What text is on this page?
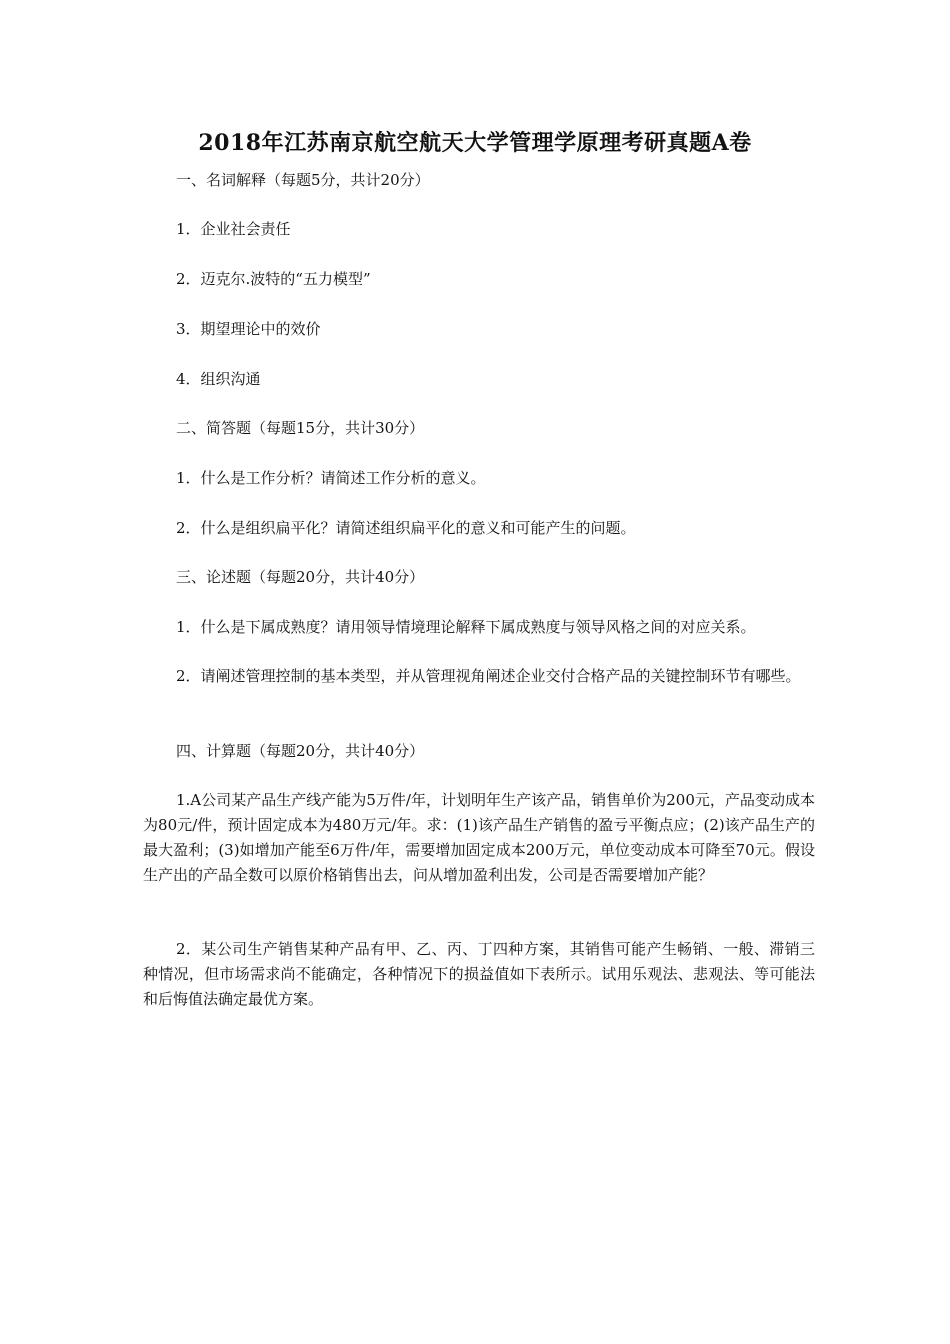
2018年江苏南京航空航天大学管理学原理考研真题A卷

一、名词解释（每题5分，共计20分）

1．企业社会责任

2．迈克尔.波特的“五力模型”

3．期望理论中的效价

4．组织沟通

二、简答题（每题15分，共计30分）

1．什么是工作分析？请简述工作分析的意义。

2．什么是组织扁平化？请简述组织扁平化的意义和可能产生的问题。

三、论述题（每题20分，共计40分）

1．什么是下属成熟度？请用领导情境理论解释下属成熟度与领导风格之间的对应关系。

2．请阐述管理控制的基本类型，并从管理视角阐述企业交付合格产品的关键控制环节有哪些。

四、计算题（每题20分，共计40分）

1.A公司某产品生产线产能为5万件/年，计划明年生产该产品，销售单价为200元，产品变动成本为80元/件，预计固定成本为480万元/年。求：(1)该产品生产销售的盈亏平衡点应；(2)该产品生产的最大盈利；(3)如增加产能至6万件/年，需要增加固定成本200万元，单位变动成本可降至70元。假设生产出的产品全数可以原价格销售出去，问从增加盈利出发，公司是否需要增加产能？

2．某公司生产销售某种产品有甲、乙、丙、丁四种方案，其销售可能产生畅销、一般、滞销三种情况，但市场需求尚不能确定，各种情况下的损益值如下表所示。试用乐观法、悲观法、等可能法和后悔值法确定最优方案。
